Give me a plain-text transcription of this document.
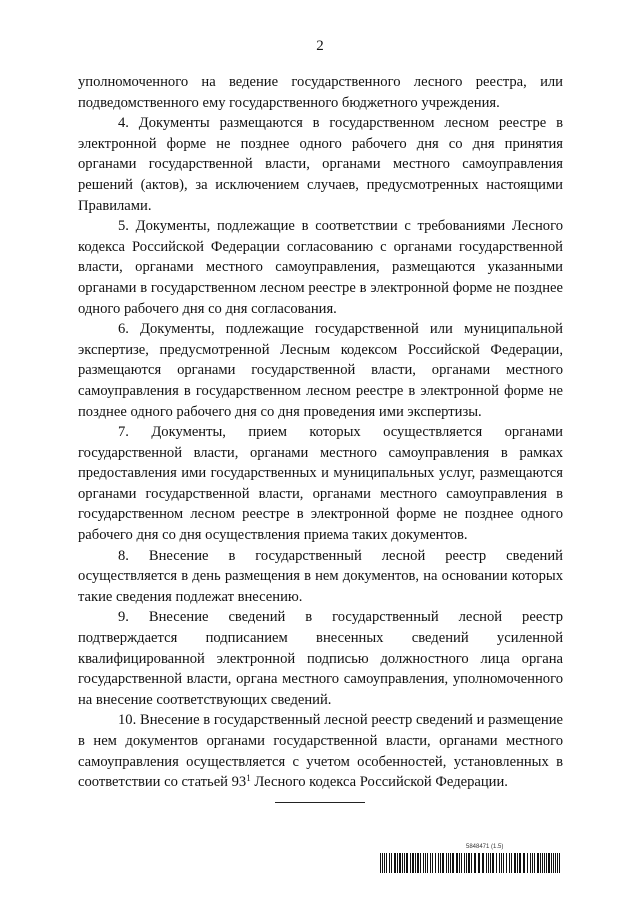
2

уполномоченного на ведение государственного лесного реестра, или подведомственного ему государственного бюджетного учреждения.

4. Документы размещаются в государственном лесном реестре в электронной форме не позднее одного рабочего дня со дня принятия органами государственной власти, органами местного самоуправления решений (актов), за исключением случаев, предусмотренных настоящими Правилами.

5. Документы, подлежащие в соответствии с требованиями Лесного кодекса Российской Федерации согласованию с органами государственной власти, органами местного самоуправления, размещаются указанными органами в государственном лесном реестре в электронной форме не позднее одного рабочего дня со дня согласования.

6. Документы, подлежащие государственной или муниципальной экспертизе, предусмотренной Лесным кодексом Российской Федерации, размещаются органами государственной власти, органами местного самоуправления в государственном лесном реестре в электронной форме не позднее одного рабочего дня со дня проведения ими экспертизы.

7. Документы, прием которых осуществляется органами государственной власти, органами местного самоуправления в рамках предоставления ими государственных и муниципальных услуг, размещаются органами государственной власти, органами местного самоуправления в государственном лесном реестре в электронной форме не позднее одного рабочего дня со дня осуществления приема таких документов.

8. Внесение в государственный лесной реестр сведений осуществляется в день размещения в нем документов, на основании которых такие сведения подлежат внесению.

9. Внесение сведений в государственный лесной реестр подтверждается подписанием внесенных сведений усиленной квалифицированной электронной подписью должностного лица органа государственной власти, органа местного самоуправления, уполномоченного на внесение соответствующих сведений.

10. Внесение в государственный лесной реестр сведений и размещение в нем документов органами государственной власти, органами местного самоуправления осуществляется с учетом особенностей, установленных в соответствии со статьей $93^1$ Лесного кодекса Российской Федерации.

5848471 (1.5)
